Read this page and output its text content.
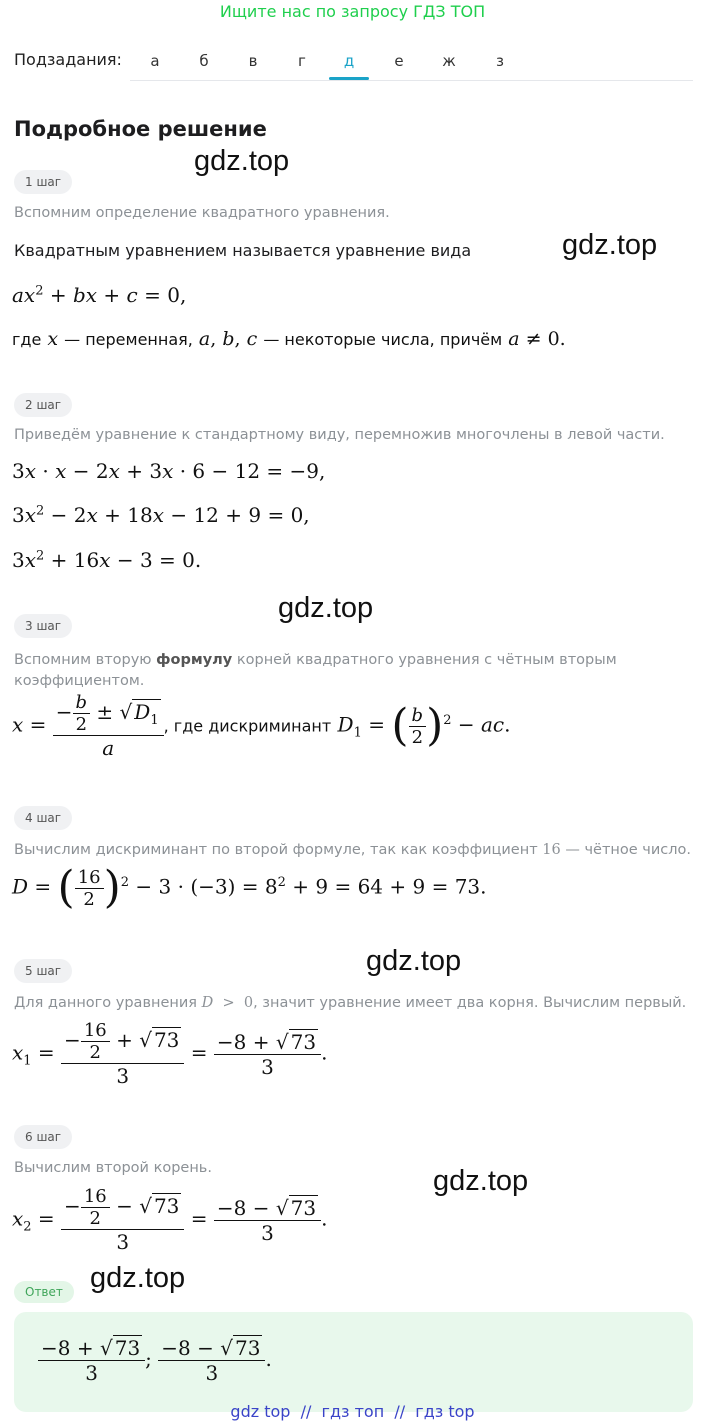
Ищите нас по запросу ГДЗ ТОП
Подзадания:	а	б	в	г	д	е	ж	з
Подробное решение
gdz.top
gdz.top
gdz.top
gdz.top
gdz.top
gdz.top
1 шаг
Вспомним определение квадратного уравнения.
Квадратным уравнением называется уравнение вида
$ax^2$ + bx + c = 0,
где x — переменная, a, b, c — некоторые числа, причём a ≠ 0.
2 шаг
Приведём уравнение к стандартному виду, перемножив многочлены в левой части.
3x · x − 2x + 3x · 6 − 12 = −9,
$3x^2 - 2x + 18x - 12 + 9 = 0$,
$3x^2 + 16x - 3 = 0$.
3 шаг
Вспомним вторую формулу корней квадратного уравнения с чётным вторым
коэффициентом.
$x = \frac{- \frac{b}{2} \pm √ D_1}{a}$ , где дискриминант $D_1$ = ( $\frac{b}{2} )^2$ − ac.
4 шаг
Вычислим дискриминант по второй формуле, так как коэффициент 16 — чётное число.
D = ( $\frac{16}{2} )^2 - 3 \cdot (-3) = 8^2 + 9 = 64 + 9 = 73$.
5 шаг
Для данного уравнения D  >  0, значит уравнение имеет два корня. Вычислим первый.
$x_1 = \frac{- \frac{16}{2} + √ 73}{3} = \frac{-8 + √ 73}{3}$ .
6 шаг
Вычислим второй корень.
$x_2 = \frac{- \frac{16}{2} - √ 73}{3} = \frac{-8 - √ 73}{3}$ .
Ответ
$\frac{-8 + √ 73}{3}$ ; $\frac{-8 - √ 73}{3}$ .
gdz top  //  гдз топ  //  гдз top
